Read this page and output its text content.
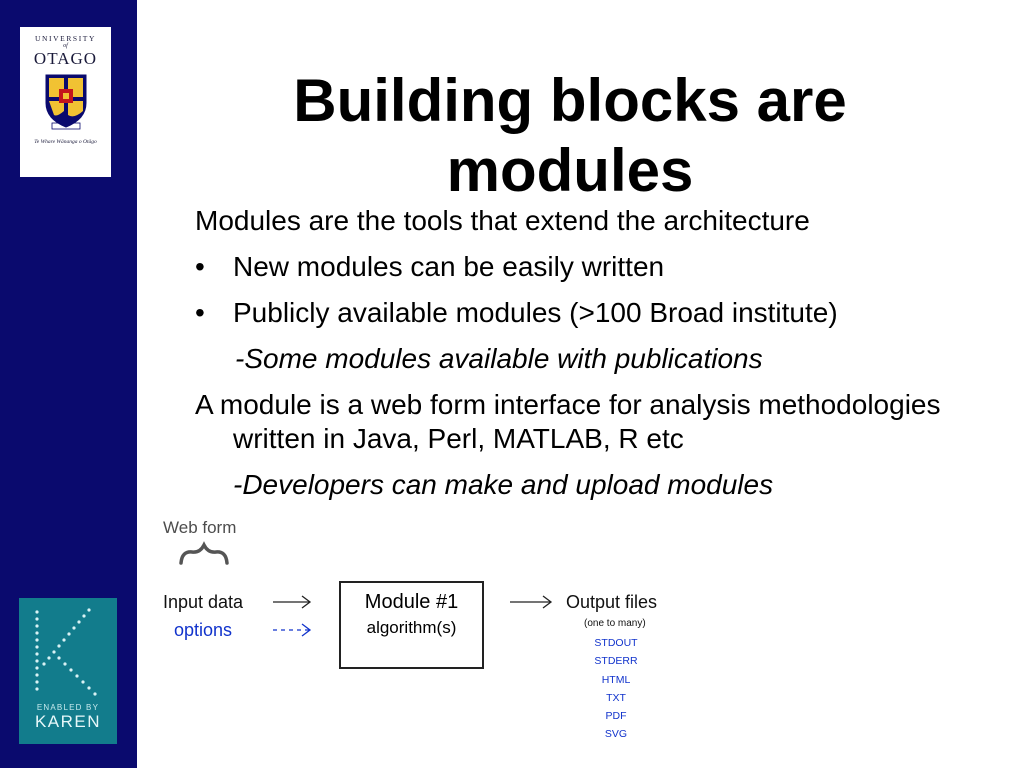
UNIVERSITY
of
OTAGO
Te Whare Wānanga o Otāgo
ENABLED BY
KAREN
Building blocks are modules
Modules are the tools that extend the architecture
• New modules can be easily written
• Publicly available modules (>100 Broad institute)
-Some modules available with publications
A module is a web form interface for analysis methodologies written in Java, Perl, MATLAB, R etc
-Developers can make and upload modules
Web form
Input data
options
Module #1
algorithm(s)
Output files
(one to many)
STDOUT
STDERR
HTML
TXT
PDF
SVG
